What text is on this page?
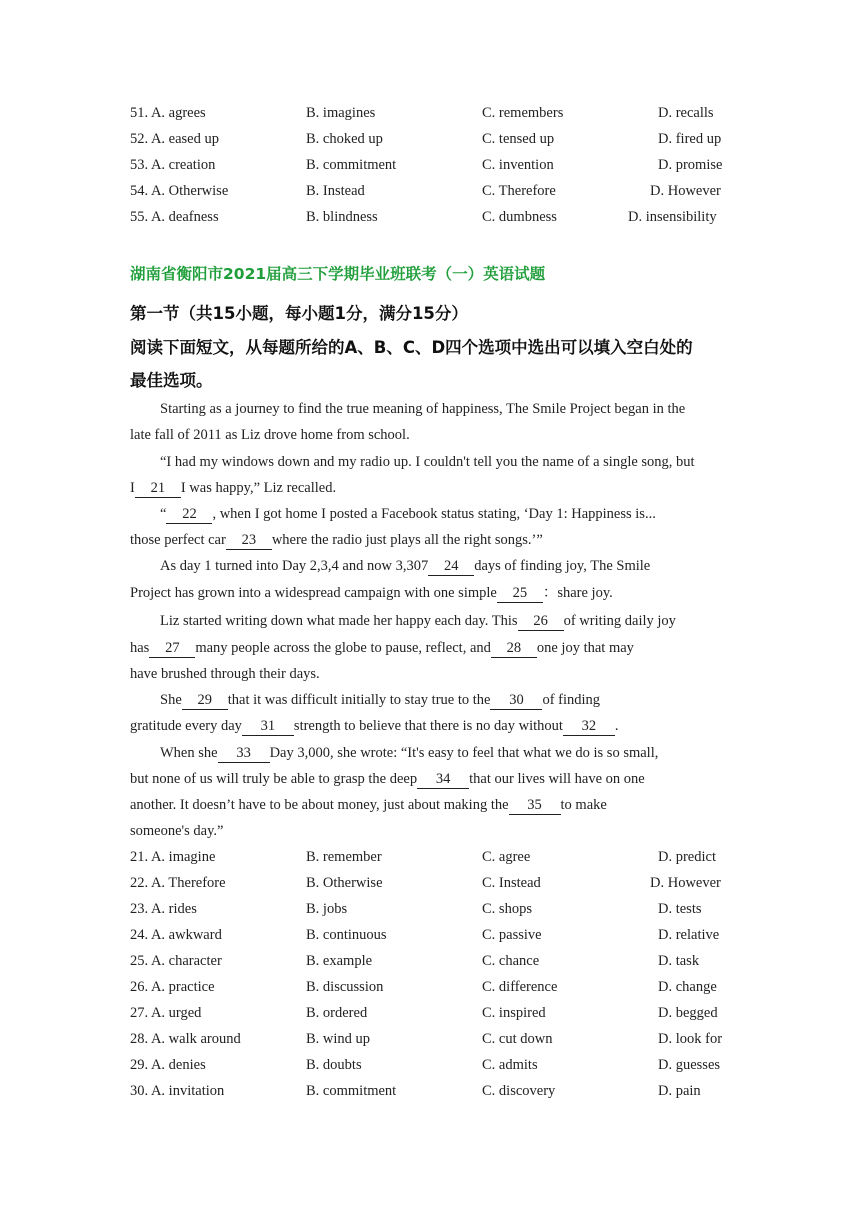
51. A. agrees	B. imagines	C. remembers	D. recalls
52. A. eased up	B. choked up	C. tensed up	D. fired up
53. A. creation	B. commitment	C. invention	D. promise
54. A. Otherwise	B. Instead	C. Therefore	D. However
55. A. deafness	B. blindness	C. dumbness	D. insensibility
湖南省衡阳市2021届高三下学期毕业班联考（一）英语试题
第一节（共15小题，每小题1分，满分15分）
阅读下面短文，从每题所给的A、B、C、D四个选项中选出可以填入空白处的
最佳选项。
Starting as a journey to find the true meaning of happiness, The Smile Project began in the
late fall of 2011 as Liz drove home from school.
“I had my windows down and my radio up. I couldn't tell you the name of a single song, but
I 21 I was happy,” Liz recalled.
“ 22 , when I got home I posted a Facebook status stating, ‘Day 1: Happiness is...
those perfect car 23 where the radio just plays all the right songs.’”
As day 1 turned into Day 2,3,4 and now 3,307 24 days of finding joy, The Smile
Project has grown into a widespread campaign with one simple 25 ：share joy.
Liz started writing down what made her happy each day. This 26 of writing daily joy
has 27 many people across the globe to pause, reflect, and 28 one joy that may
have brushed through their days.
She 29 that it was difficult initially to stay true to the 30 of finding
gratitude every day 31 strength to believe that there is no day without 32 .
When she 33 Day 3,000, she wrote: “It's easy to feel that what we do is so small,
but none of us will truly be able to grasp the deep 34 that our lives will have on one
another. It doesn’t have to be about money, just about making the 35 to make
someone's day.”
21. A. imagine	B. remember	C. agree	D. predict
22. A. Therefore	B. Otherwise	C. Instead	D. However
23. A. rides	B. jobs	C. shops	D. tests
24. A. awkward	B. continuous	C. passive	D. relative
25. A. character	B. example	C. chance	D. task
26. A. practice	B. discussion	C. difference	D. change
27. A. urged	B. ordered	C. inspired	D. begged
28. A. walk around	B. wind up	C. cut down	D. look for
29. A. denies	B. doubts	C. admits	D. guesses
30. A. invitation	B. commitment	C. discovery	D. pain
